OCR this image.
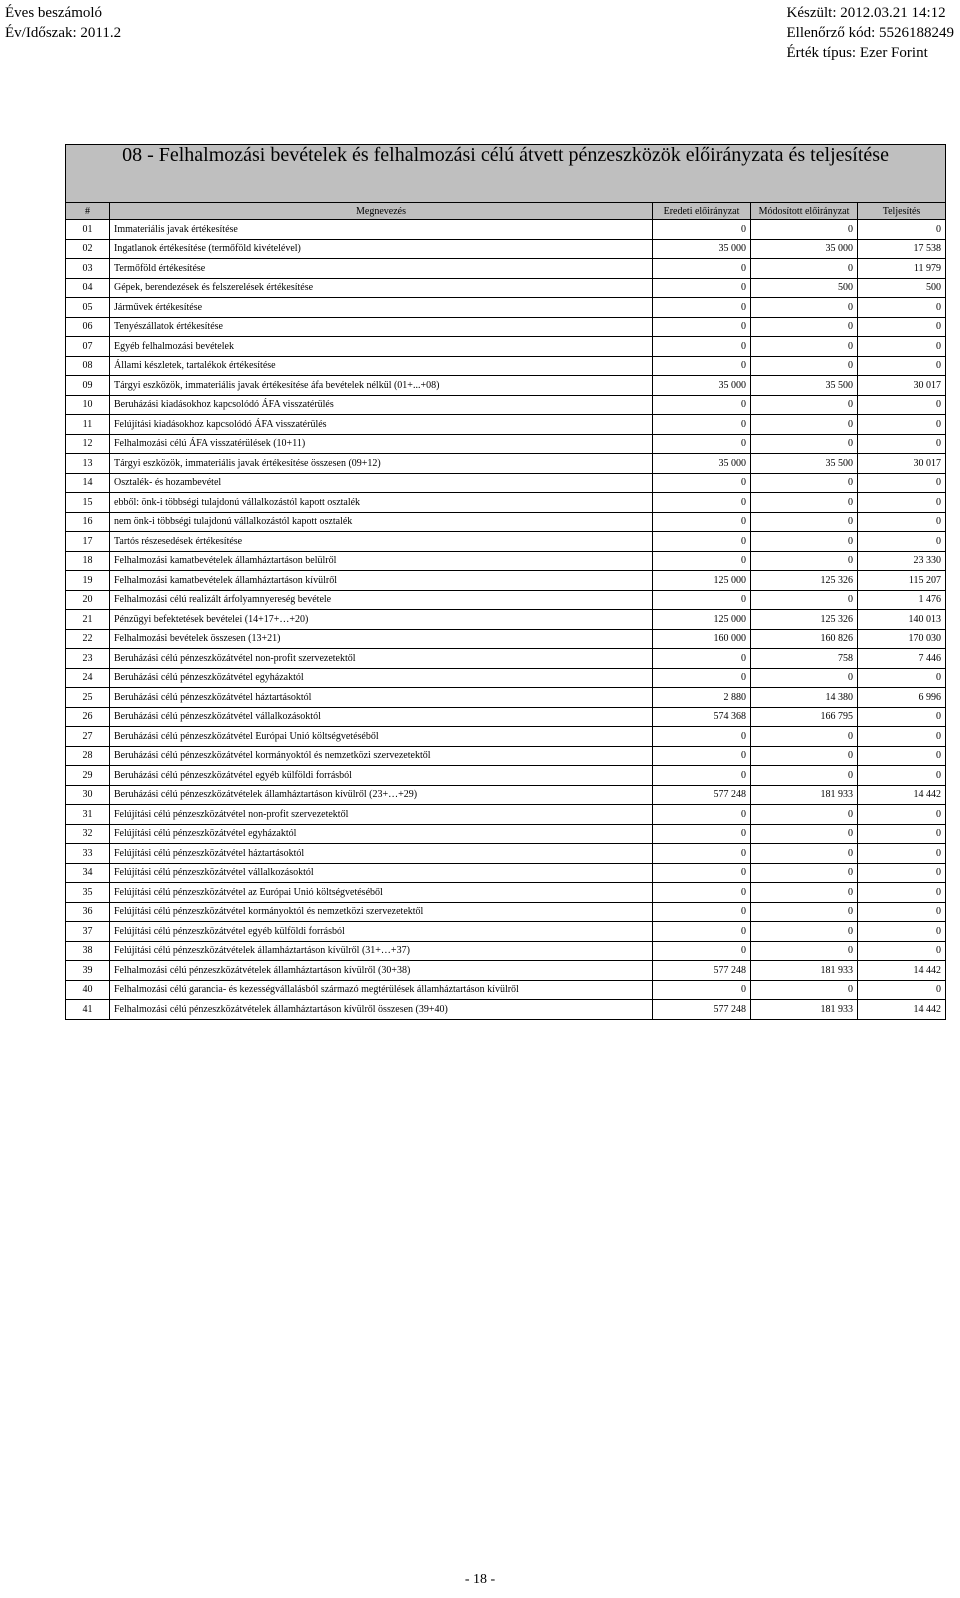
Éves beszámoló
Év/Időszak: 2011.2
Készült: 2012.03.21 14:12
Ellenőrző kód: 5526188249
Érték típus: Ezer Forint
08 - Felhalmozási bevételek és felhalmozási célú átvett pénzeszközök előirányzata és teljesítése				
#	Megnevezés	Eredeti előirányzat	Módosított előirányzat	Teljesítés
01	Immateriális javak értékesítése	0	0	0
02	Ingatlanok értékesítése (termőföld kivételével)	35 000	35 000	17 538
03	Termőföld értékesítése	0	0	11 979
04	Gépek, berendezések és felszerelések értékesítése	0	500	500
05	Járművek értékesítése	0	0	0
06	Tenyészállatok értékesítése	0	0	0
07	Egyéb felhalmozási bevételek	0	0	0
08	Állami készletek, tartalékok értékesítése	0	0	0
09	Tárgyi eszközök, immateriális javak értékesítése áfa bevételek nélkül (01+...+08)	35 000	35 500	30 017
10	Beruházási kiadásokhoz kapcsolódó ÁFA visszatérülés	0	0	0
11	Felújítási kiadásokhoz kapcsolódó ÁFA visszatérülés	0	0	0
12	Felhalmozási célú ÁFA visszatérülések (10+11)	0	0	0
13	Tárgyi eszközök, immateriális javak értékesítése összesen (09+12)	35 000	35 500	30 017
14	Osztalék- és hozambevétel	0	0	0
15	ebből: önk-i többségi tulajdonú vállalkozástól kapott osztalék	0	0	0
16	nem önk-i többségi tulajdonú vállalkozástól kapott osztalék	0	0	0
17	Tartós részesedések értékesítése	0	0	0
18	Felhalmozási kamatbevételek államháztartáson belülről	0	0	23 330
19	Felhalmozási kamatbevételek államháztartáson kívülről	125 000	125 326	115 207
20	Felhalmozási célú realizált árfolyamnyereség bevétele	0	0	1 476
21	Pénzügyi befektetések bevételei (14+17+…+20)	125 000	125 326	140 013
22	Felhalmozási bevételek összesen (13+21)	160 000	160 826	170 030
23	Beruházási célú pénzeszközátvétel non-profit szervezetektől	0	758	7 446
24	Beruházási célú pénzeszközátvétel egyházaktól	0	0	0
25	Beruházási célú pénzeszközátvétel háztartásoktól	2 880	14 380	6 996
26	Beruházási célú pénzeszközátvétel vállalkozásoktól	574 368	166 795	0
27	Beruházási célú pénzeszközátvétel Európai Unió költségvetéséből	0	0	0
28	Beruházási célú pénzeszközátvétel kormányoktól és nemzetközi szervezetektől	0	0	0
29	Beruházási célú pénzeszközátvétel egyéb külföldi forrásból	0	0	0
30	Beruházási célú pénzeszközátvételek államháztartáson kívülről (23+…+29)	577 248	181 933	14 442
31	Felújítási célú pénzeszközátvétel non-profit szervezetektől	0	0	0
32	Felújítási célú pénzeszközátvétel egyházaktól	0	0	0
33	Felújítási célú pénzeszközátvétel háztartásoktól	0	0	0
34	Felújítási célú pénzeszközátvétel vállalkozásoktól	0	0	0
35	Felújítási célú pénzeszközátvétel az Európai Unió költségvetéséből	0	0	0
36	Felújítási célú pénzeszközátvétel kormányoktól és nemzetközi szervezetektől	0	0	0
37	Felújítási célú pénzeszközátvétel egyéb külföldi forrásból	0	0	0
38	Felújítási célú pénzeszközátvételek államháztartáson kívülről (31+…+37)	0	0	0
39	Felhalmozási célú pénzeszközátvételek államháztartáson kívülről (30+38)	577 248	181 933	14 442
40	Felhalmozási célú garancia- és kezességvállalásból származó megtérülések államháztartáson kívülről	0	0	0
41	Felhalmozási célú pénzeszközátvételek államháztartáson kívülről összesen (39+40)	577 248	181 933	14 442
- 18 -
